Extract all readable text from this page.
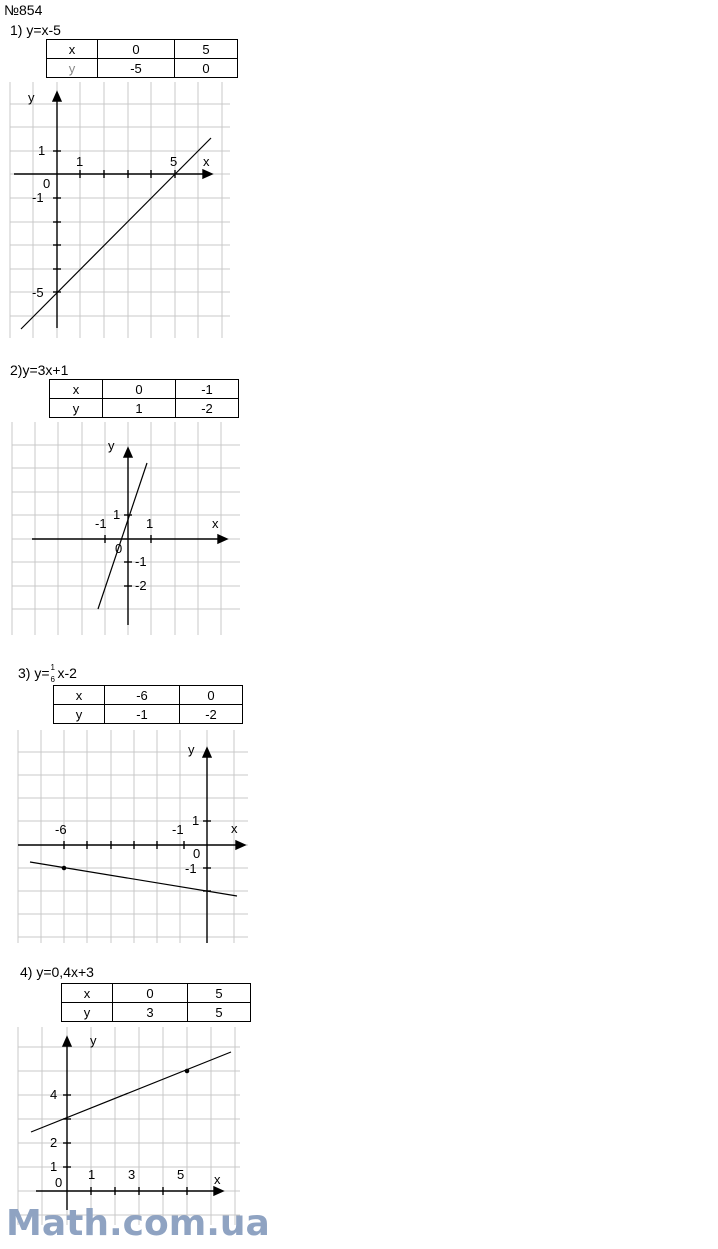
№854
1) y=x-5
x	0	5
y	-5	0
y
x
0
1	5
1
-1
-5
2)y=3x+1
x	0	-1
y	1	-2
y
x
0
-1	1
1
-1
-2
3) y= 1
6 x-2
x	-6	0
y	-1	-2
y
x
0
-6	-1
1
-1
4) y=0,4x+3
x	0	5
y	3	5
y
x
0
1	3	5
4
2
1
Math.com.ua
